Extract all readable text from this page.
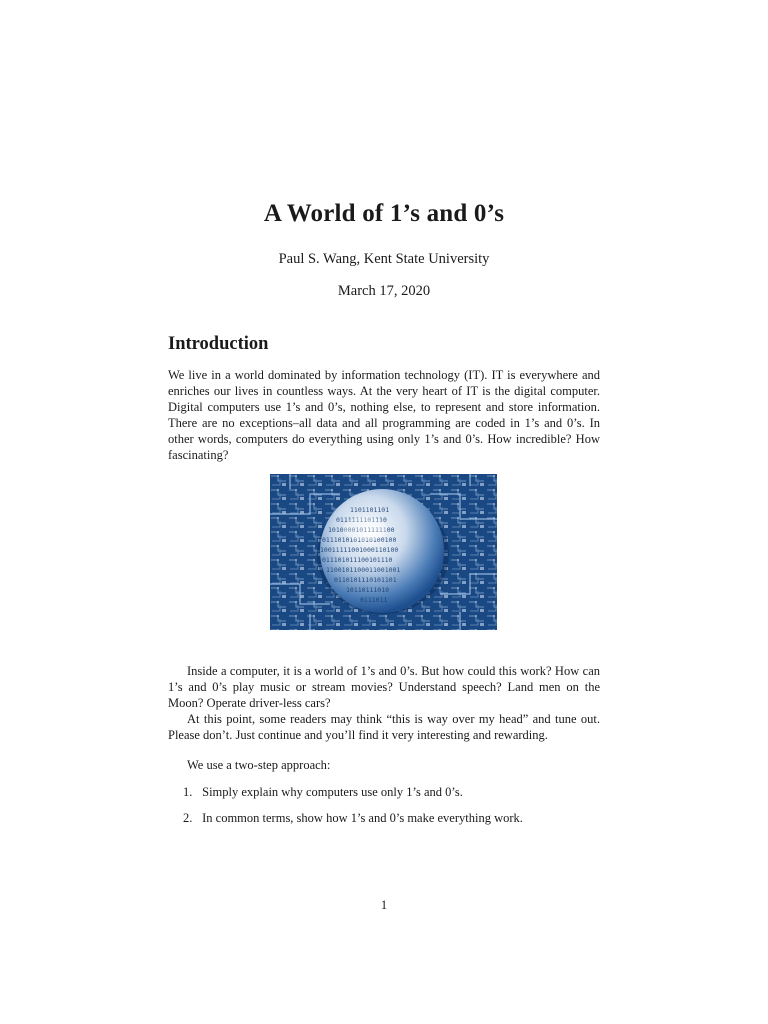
A World of 1’s and 0’s
Paul S. Wang, Kent State University
March 17, 2020
Introduction
We live in a world dominated by information technology (IT). IT is everywhere and enriches our lives in countless ways. At the very heart of IT is the digital computer. Digital computers use 1’s and 0’s, nothing else, to represent and store information. There are no exceptions–all data and all programming are coded in 1’s and 0’s. In other words, computers do everything using only 1’s and 0’s. How incredible? How fascinating?
1101101101
0111111101110
10100001011111100
0111010101010100100
10011111001000110100
011101011100101110
1100101100011001001
0110101110101101
10110111010
0111011
Inside a computer, it is a world of 1’s and 0’s. But how could this work? How can 1’s and 0’s play music or stream movies? Understand speech? Land men on the Moon? Operate driver-less cars?
At this point, some readers may think “this is way over my head” and tune out. Please don’t. Just continue and you’ll find it very interesting and rewarding.
We use a two-step approach:
1. Simply explain why computers use only 1’s and 0’s.
2. In common terms, show how 1’s and 0’s make everything work.
1
